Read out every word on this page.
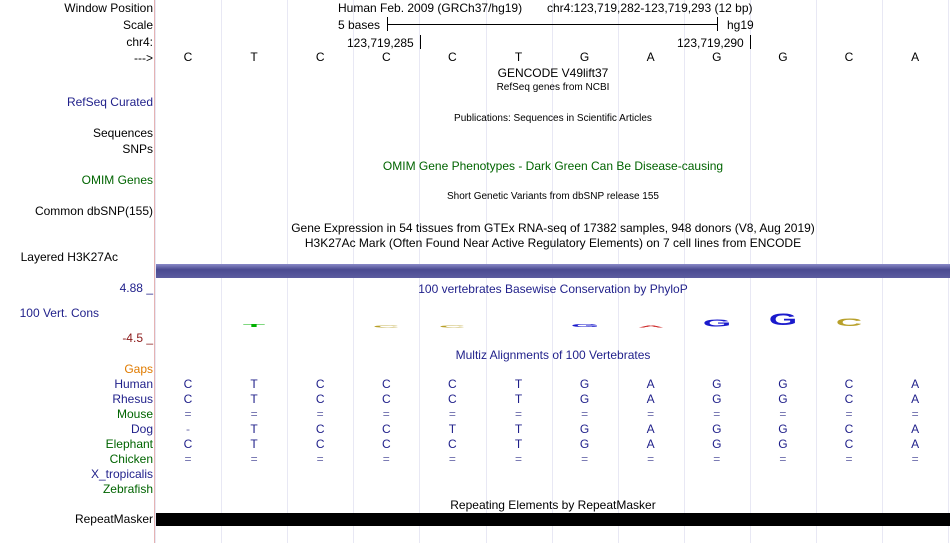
Window Position
Scale
chr4:
--->
RefSeq Curated
Sequences
SNPs
OMIM Genes
Common dbSNP(155)
Layered H3K27Ac
4.88 _
100 Vert. Cons
-4.5 _
Gaps
Human
Rhesus
Mouse
Dog
Elephant
Chicken
X_tropicalis
Zebrafish
RepeatMasker
Human Feb. 2009 (GRCh37/hg19) chr4:123,719,282-123,719,293 (12 bp)
5 bases	hg19
123,719,285	123,719,290
C	T	C	C	C	T	G	A	G	G	C	A
GENCODE V49lift37
RefSeq genes from NCBI
Publications: Sequences in Scientific Articles
OMIM Gene Phenotypes - Dark Green Can Be Disease-causing
Short Genetic Variants from dbSNP release 155
Gene Expression in 54 tissues from GTEx RNA-seq of 17382 samples, 948 donors (V8, Aug 2019)
H3K27Ac Mark (Often Found Near Active Regulatory Elements) on 7 cell lines from ENCODE
100 vertebrates Basewise Conservation by PhyloP
T	C	C	G	A	G	G	C
Multiz Alignments of 100 Vertebrates
C	T	C	C	C	T	G	A	G	G	C	A
C	T	C	C	C	T	G	A	G	G	C	A
=	=	=	=	=	=	=	=	=	=	=	=
-	T	C	C	T	T	G	A	G	G	C	A
C	T	C	C	C	T	G	A	G	G	C	A
=	=	=	=	=	=	=	=	=	=	=	=
Repeating Elements by RepeatMasker
